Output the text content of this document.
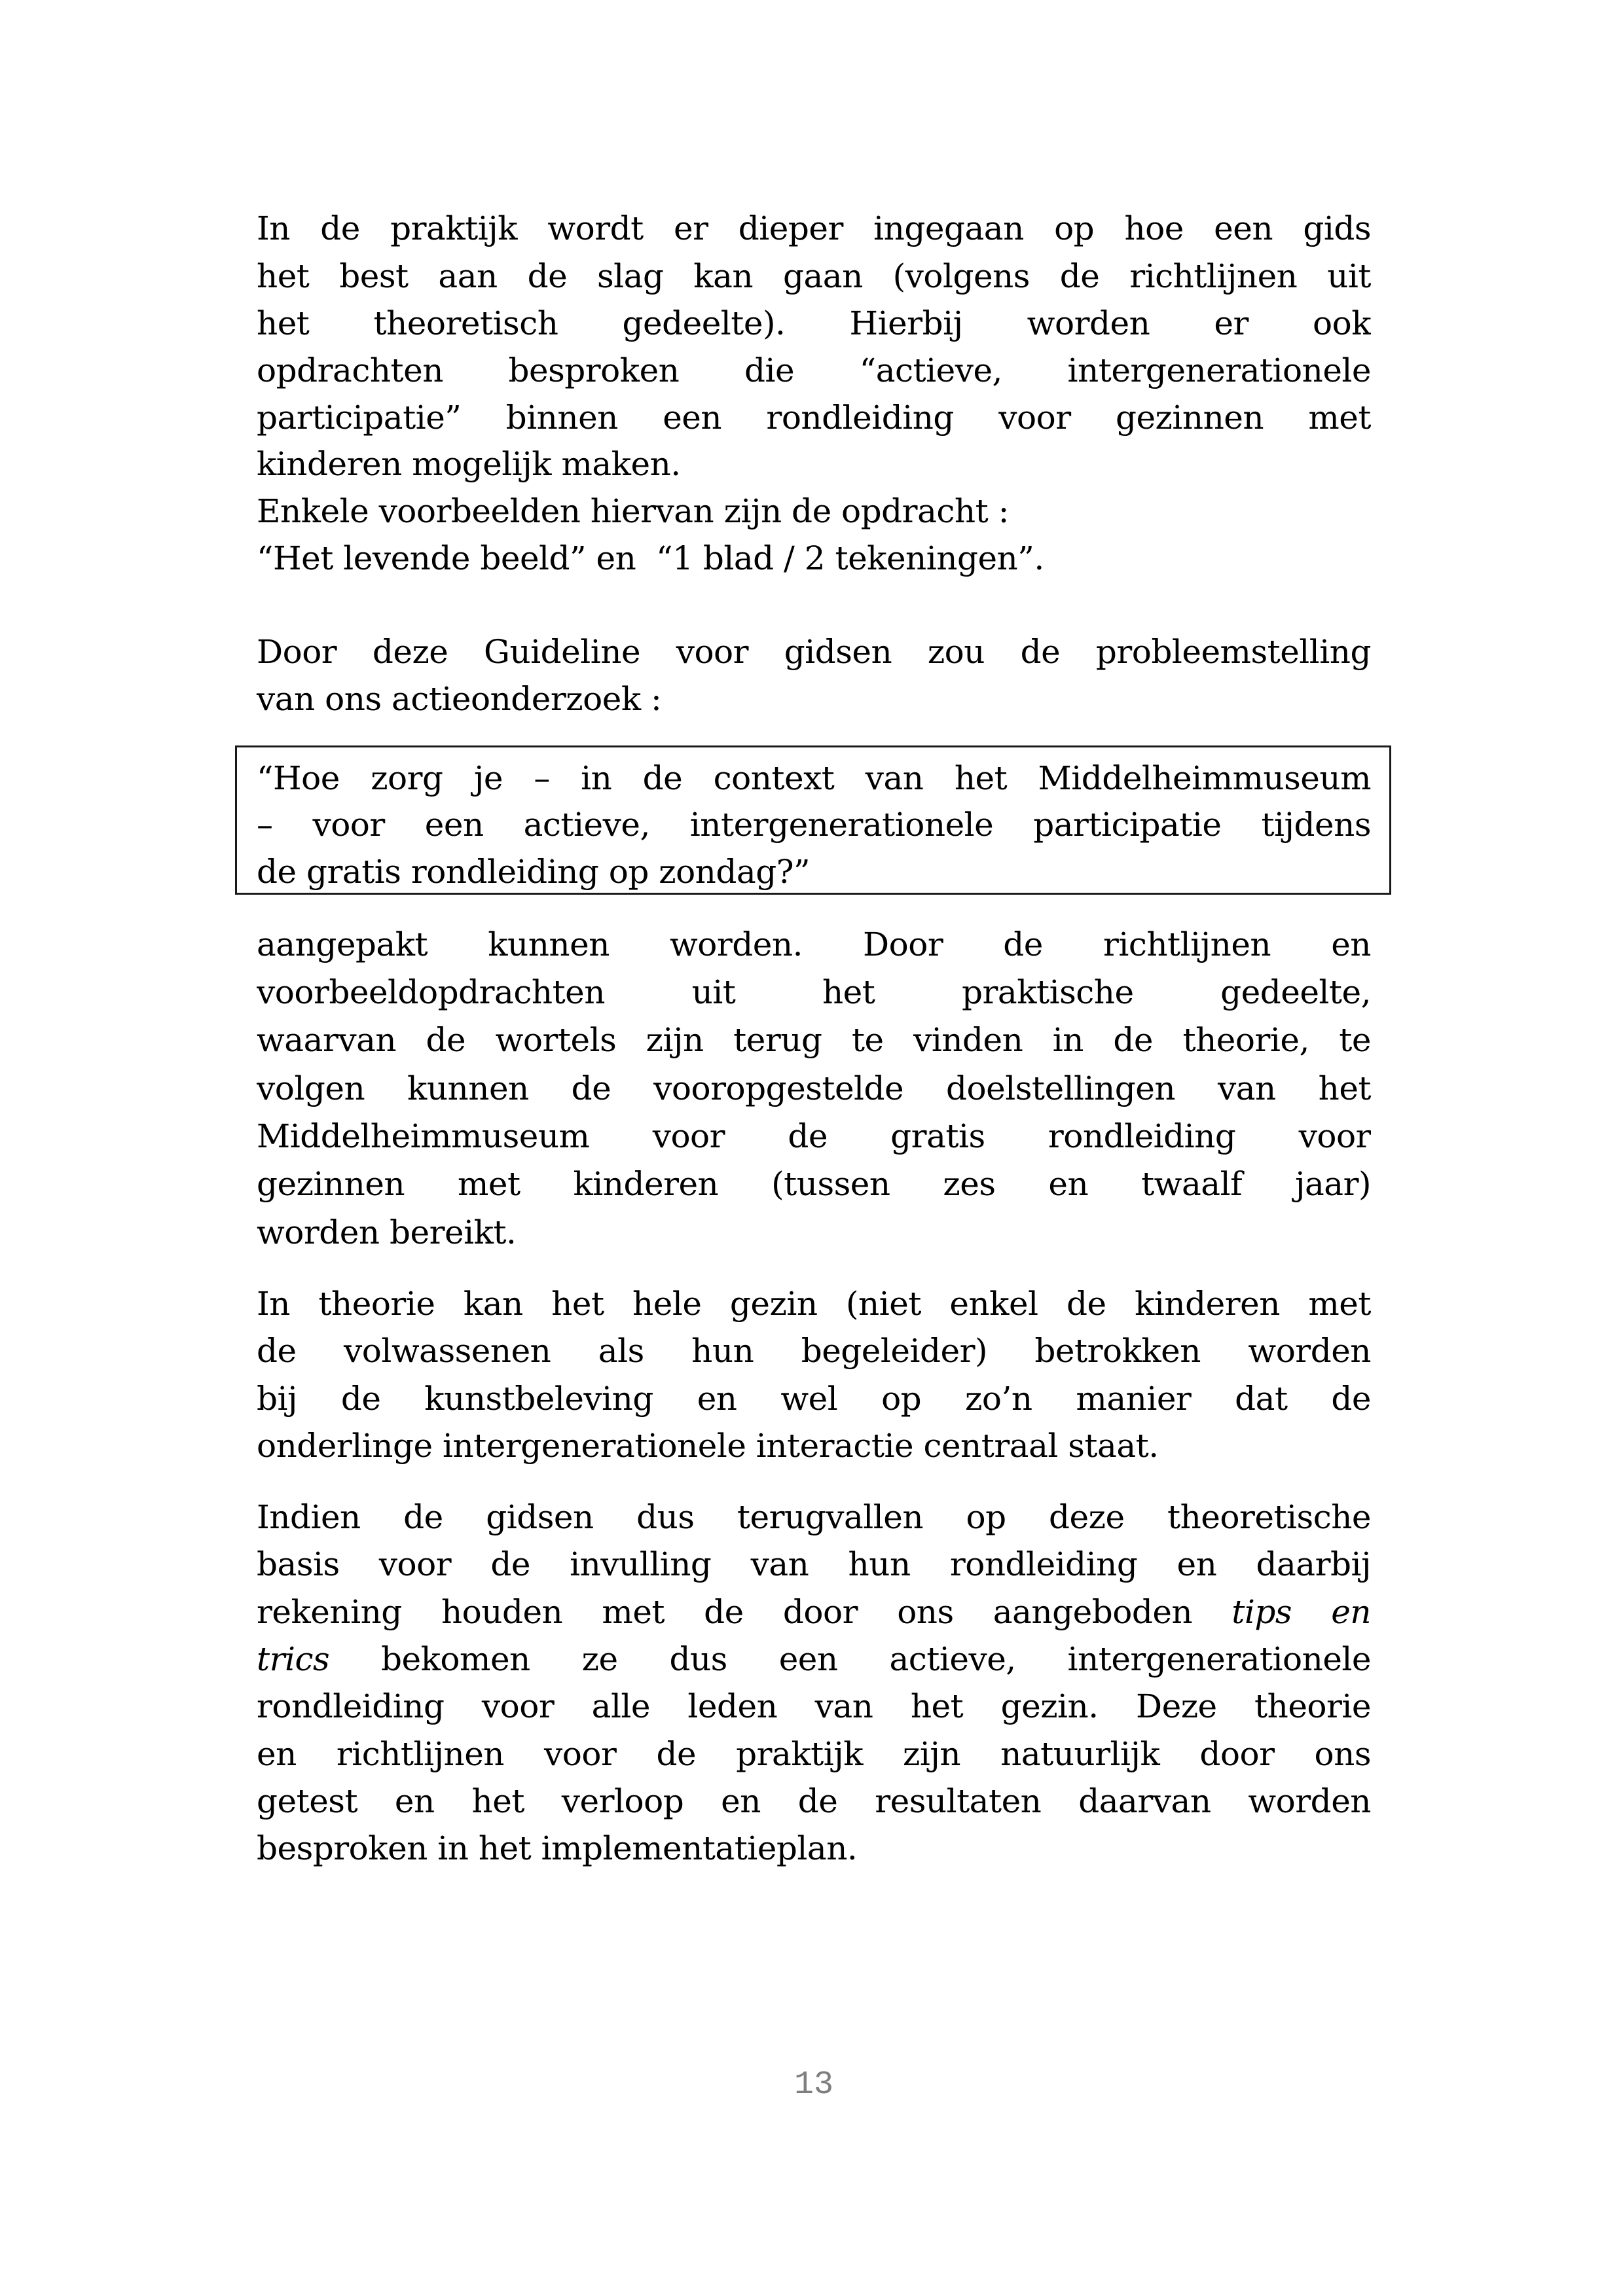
In de praktijk wordt er dieper ingegaan op hoe een gids
het best aan de slag kan gaan (volgens de richtlijnen uit
het theoretisch gedeelte). Hierbij worden er ook
opdrachten besproken die “actieve, intergenerationele
participatie” binnen een rondleiding voor gezinnen met
kinderen mogelijk maken.
Enkele voorbeelden hiervan zijn de opdracht :
“Het levende beeld” en  “1 blad / 2 tekeningen”.
Door deze Guideline voor gidsen zou de probleemstelling
van ons actieonderzoek :
“Hoe zorg je – in de context van het Middelheimmuseum
– voor een actieve, intergenerationele participatie tijdens
de gratis rondleiding op zondag?”
aangepakt kunnen worden. Door de richtlijnen en
voorbeeldopdrachten uit het praktische gedeelte,
waarvan de wortels zijn terug te vinden in de theorie, te
volgen kunnen de vooropgestelde doelstellingen van het
Middelheimmuseum voor de gratis rondleiding voor
gezinnen met kinderen (tussen zes en twaalf jaar)
worden bereikt.
In theorie kan het hele gezin (niet enkel de kinderen met
de volwassenen als hun begeleider) betrokken worden
bij de kunstbeleving en wel op zo’n manier dat de
onderlinge intergenerationele interactie centraal staat.
Indien de gidsen dus terugvallen op deze theoretische
basis voor de invulling van hun rondleiding en daarbij
rekening houden met de door ons aangeboden tips en
trics bekomen ze dus een actieve, intergenerationele
rondleiding voor alle leden van het gezin. Deze theorie
en richtlijnen voor de praktijk zijn natuurlijk door ons
getest en het verloop en de resultaten daarvan worden
besproken in het implementatieplan.
13
